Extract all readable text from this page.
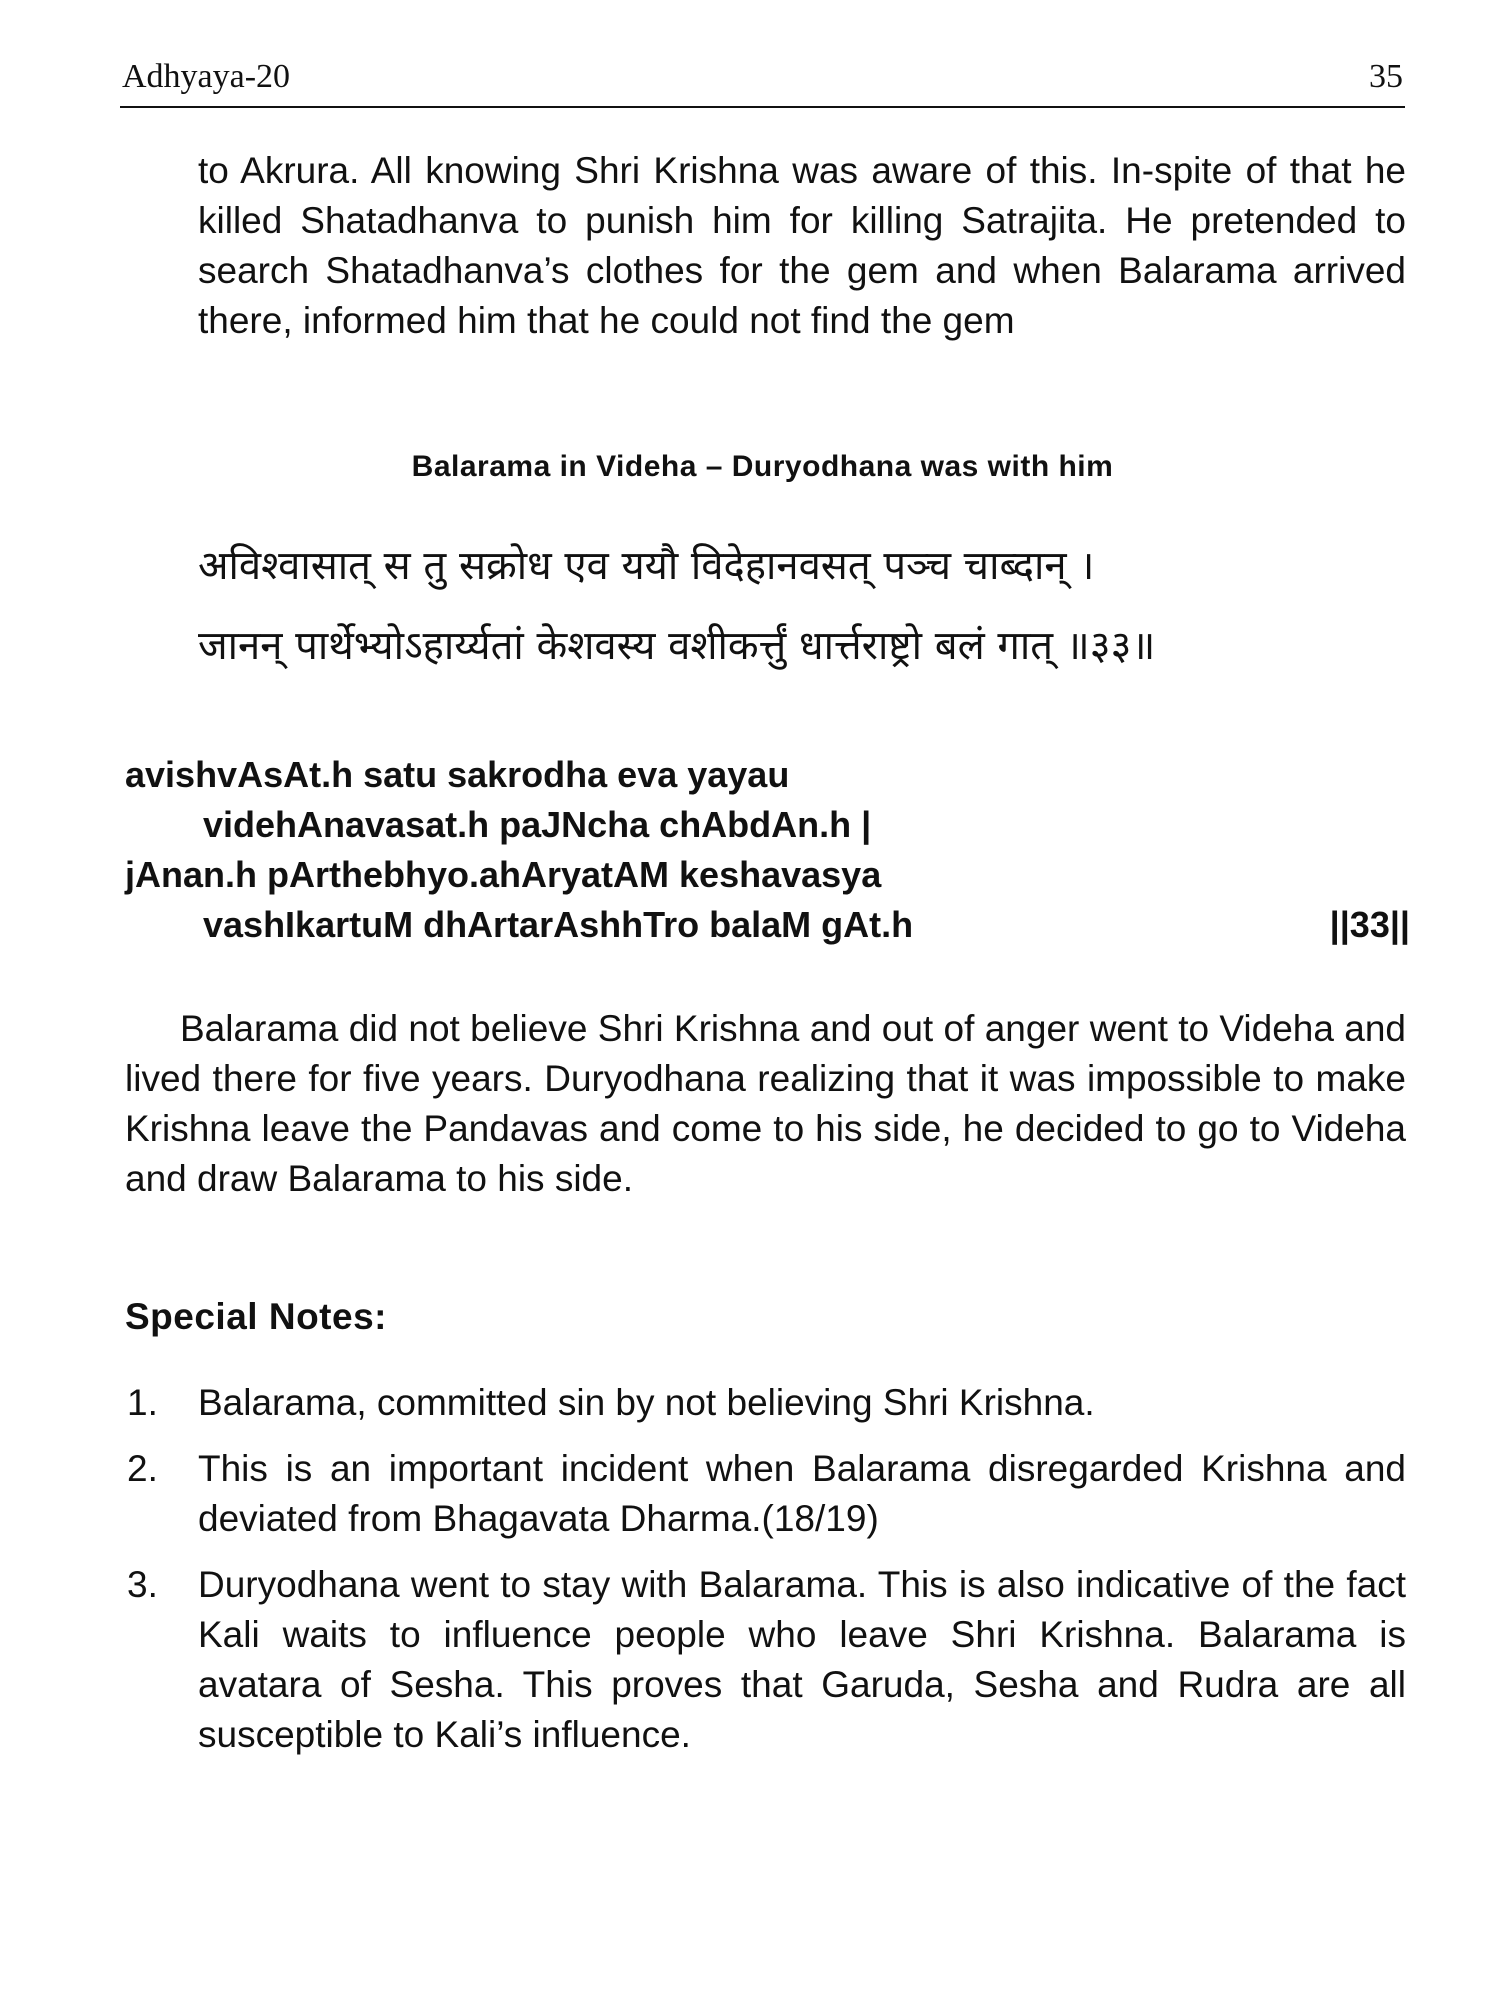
Adhyaya-20	35

to Akrura. All knowing Shri Krishna was aware of this. In-spite of that he killed Shatadhanva to punish him for killing Satrajita. He pretended to search Shatadhanva’s clothes for the gem and when Balarama arrived there, informed him that he could not find the gem

Balarama in Videha – Duryodhana was with him
अविश्वासात् स तु सक्रोध एव ययौ विदेहानवसत् पञ्च चाब्दान् ।
जानन् पार्थेभ्योऽहार्य्यतां केशवस्य वशीकर्त्तुं धार्त्तराष्ट्रो बलं गात् ॥३३॥
avishvAsAt.h satu sakrodha eva yayau
videhAnavasat.h paJNcha chAbdAn.h |
jAnan.h pArthebhyo.ahAryatAM keshavasya
vashIkartuM dhArtarAshhTro balaM gAt.h	||33||

Balarama did not believe Shri Krishna and out of anger went to Videha and lived there for five years. Duryodhana realizing that it was impossible to make Krishna leave the Pandavas and come to his side, he decided to go to Videha and draw Balarama to his side.

Special Notes:
1. Balarama, committed sin by not believing Shri Krishna.
2. This is an important incident when Balarama disregarded Krishna and deviated from Bhagavata Dharma.(18/19)
3. Duryodhana went to stay with Balarama. This is also indicative of the fact Kali waits to influence people who leave Shri Krishna. Balarama is avatara of Sesha. This proves that Garuda, Sesha and Rudra are all susceptible to Kali’s influence.
